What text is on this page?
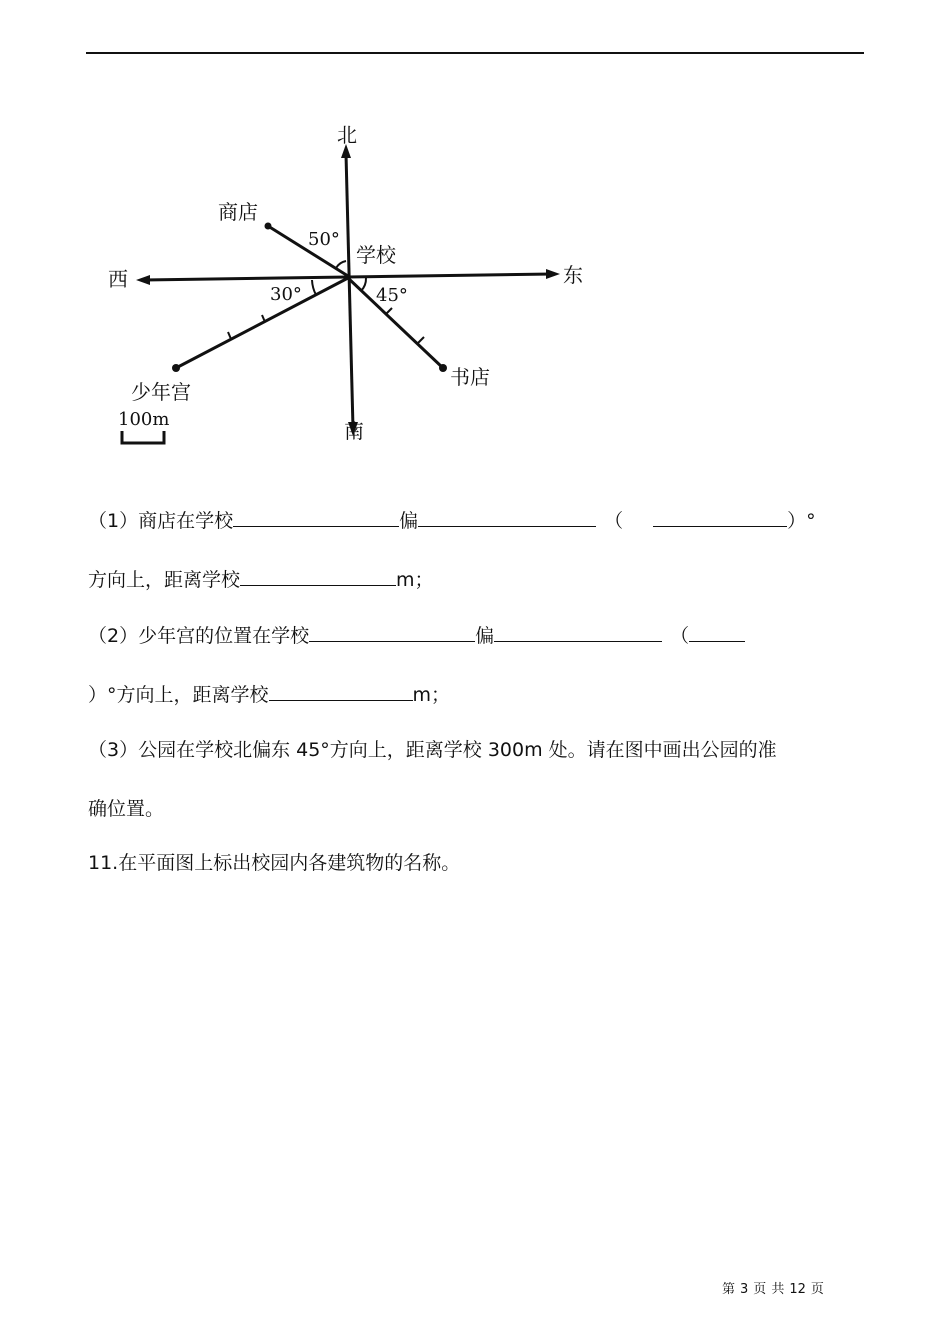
北
南
东
西
学校
商店
书店
少年宫
50°
30°	45°
100m
（1）商店在学校	偏	（	）°
方向上，距离学校	m；
（2）少年宫的位置在学校	偏	（
）°方向上，距离学校	m；
（3）公园在学校北偏东 45°方向上，距离学校 300m 处。请在图中画出公园的准
确位置。
11.在平面图上标出校园内各建筑物的名称。
第 3 页 共 12 页
